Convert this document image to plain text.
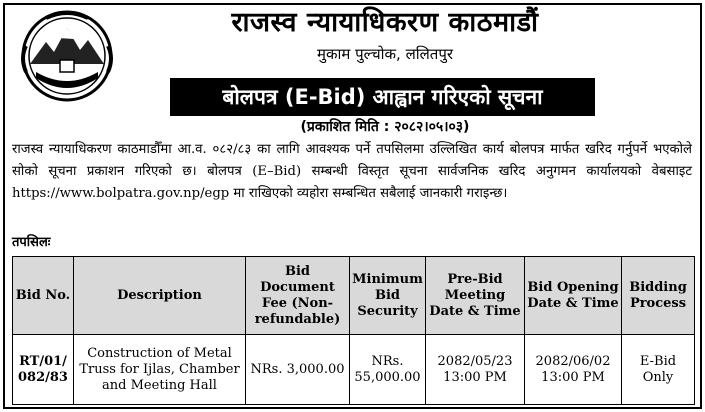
राजस्व न्यायाधिकरण काठमाडौं
मुकाम पुल्चोक, ललितपुर
बोलपत्र (E-Bid) आह्वान गरिएको सूचना
(प्रकाशित मिति : २०८२।०५।०३)
राजस्व न्यायाधिकरण काठमाडौँमा आ.व. ०८२/८३ का लागि आवश्यक पर्ने तपसिलमा उल्लिखित कार्य बोलपत्र मार्फत खरिद गर्नुपर्ने भएकोले सोको सूचना प्रकाशन गरिएको छ। बोलपत्र (E–Bid) सम्बन्धी विस्तृत सूचना सार्वजनिक खरिद अनुगमन कार्यालयको वेबसाइट https://www.bolpatra.gov.np/egp मा राखिएको व्यहोरा सम्बन्धित सबैलाई जानकारी गराइन्छ।
तपसिलः
Bid No.	Description	Bid Document Fee (Non-refundable)	Minimum Bid Security	Pre-Bid Meeting Date & Time	Bid Opening Date & Time	Bidding Process
RT/01/ 082/83	Construction of Metal Truss for Ijlas, Chamber and Meeting Hall	NRs. 3,000.00	NRs. 55,000.00	2082/05/23 13:00 PM	2082/06/02 13:00 PM	E-Bid Only
